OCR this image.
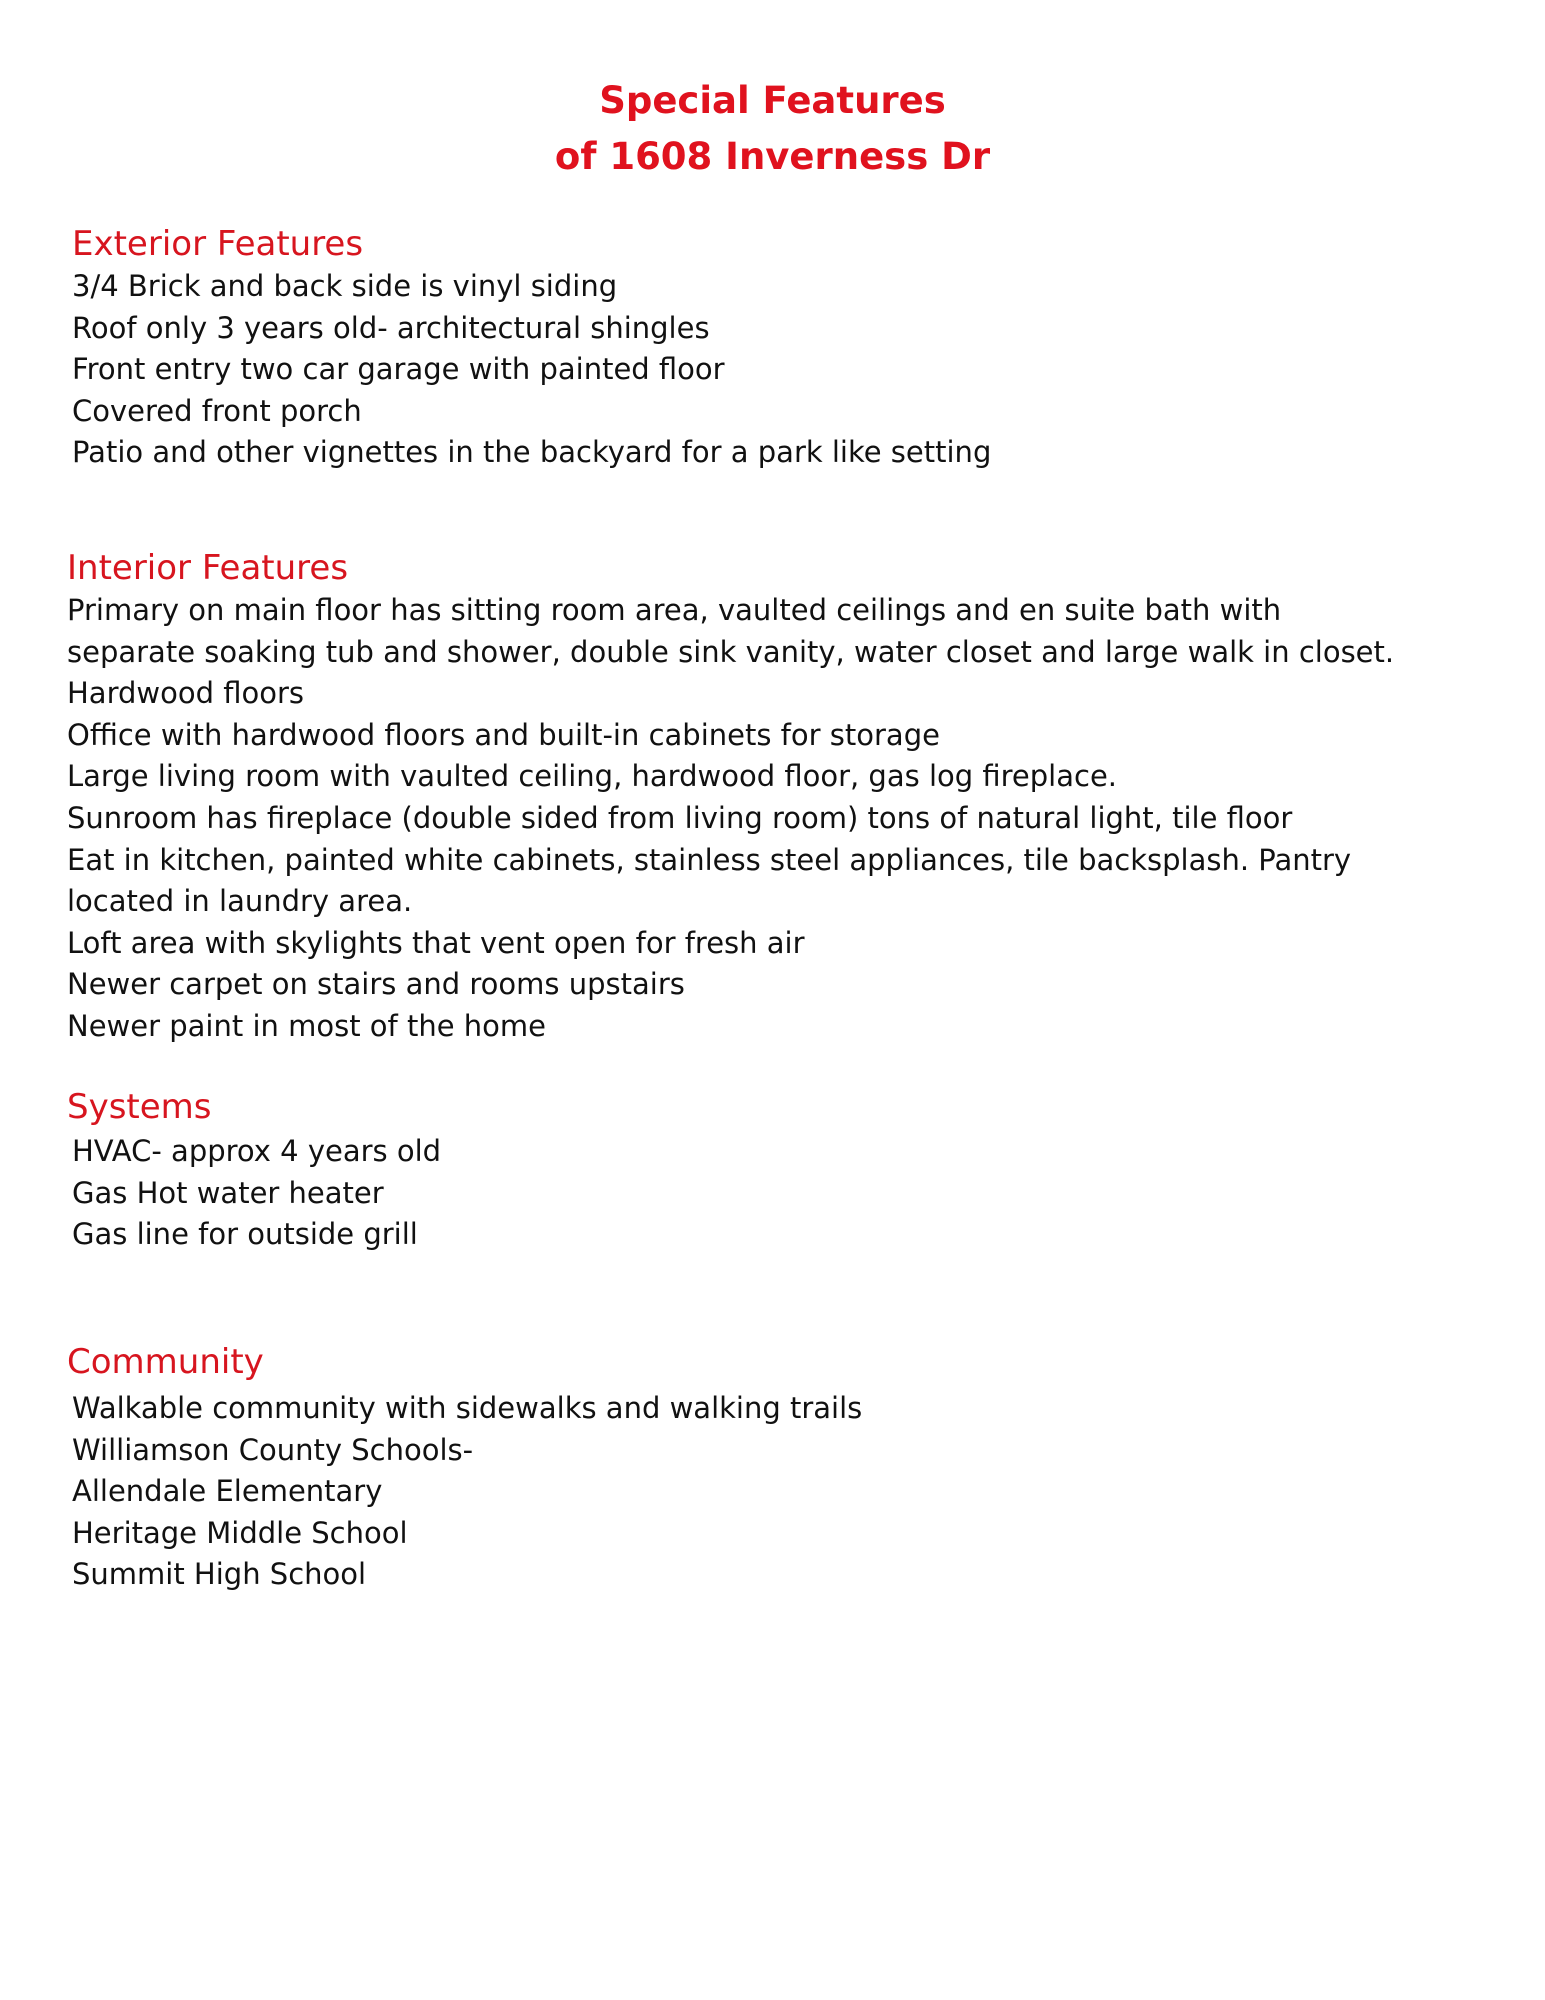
Special Features
of 1608 Inverness Dr
Exterior Features
3/4 Brick and back side is vinyl siding
Roof only 3 years old- architectural shingles
Front entry two car garage with painted floor
Covered front porch
Patio and other vignettes in the backyard for a park like setting
Interior Features
Primary on main floor has sitting room area, vaulted ceilings and en suite bath with
separate soaking tub and shower, double sink vanity, water closet and large walk in closet.
Hardwood floors
Office with hardwood floors and built-in cabinets for storage
Large living room with vaulted ceiling, hardwood floor, gas log fireplace.
Sunroom has fireplace (double sided from living room) tons of natural light, tile floor
Eat in kitchen, painted white cabinets, stainless steel appliances, tile backsplash. Pantry
located in laundry area.
Loft area with skylights that vent open for fresh air
Newer carpet on stairs and rooms upstairs
Newer paint in most of the home
Systems
HVAC- approx 4 years old
Gas Hot water heater
Gas line for outside grill
Community
Walkable community with sidewalks and walking trails
Williamson County Schools-
Allendale Elementary
Heritage Middle School
Summit High School
